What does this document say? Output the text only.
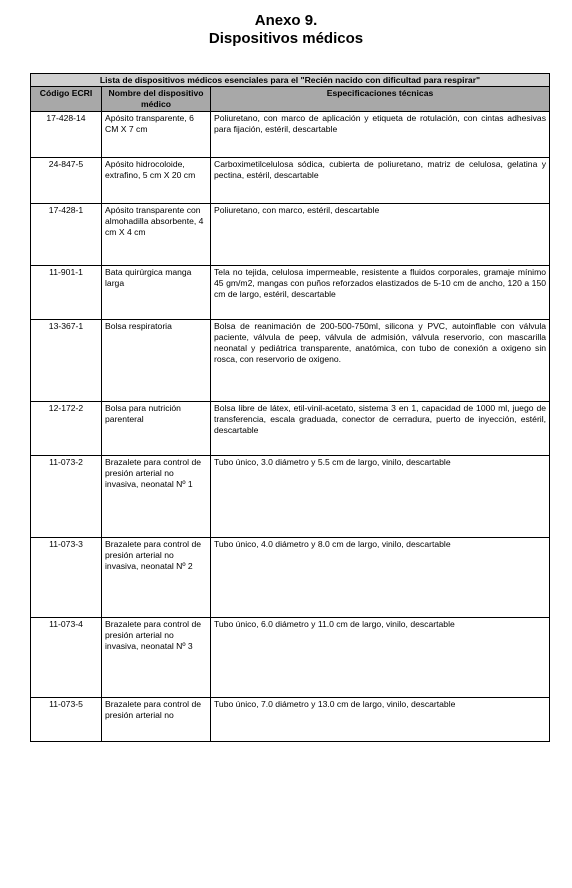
Anexo 9.
Dispositivos médicos
Lista de dispositivos médicos esenciales para el "Recién nacido con dificultad para respirar"		
Código ECRI	Nombre del dispositivo médico	Especificaciones técnicas
17-428-14	Apósito transparente, 6 CM X 7 cm	Poliuretano, con marco de aplicación y etiqueta de rotulación, con cintas adhesivas para fijación, estéril, descartable
24-847-5	Apósito hidrocoloide, extrafino, 5 cm X 20 cm	Carboximetilcelulosa sódica, cubierta de poliuretano, matriz de celulosa, gelatina y pectina, estéril, descartable
17-428-1	Apósito transparente con almohadilla absorbente, 4 cm X 4 cm	Poliuretano, con marco, estéril, descartable
11-901-1	Bata quirúrgica manga larga	Tela no tejida, celulosa impermeable, resistente a fluidos corporales, gramaje mínimo 45 gm/m2, mangas con puños reforzados elastizados de 5-10 cm de ancho, 120 a 150 cm de largo, estéril, descartable
13-367-1	Bolsa respiratoria	Bolsa de reanimación de 200-500-750ml, silicona y PVC, autoinflable con válvula paciente, válvula de peep, válvula de admisión, válvula reservorio, con mascarilla neonatal y pediátrica transparente, anatómica, con tubo de conexión a oxigeno sin rosca, con reservorio de oxigeno.
12-172-2	Bolsa para nutrición parenteral	Bolsa libre de látex, etil-vinil-acetato, sistema 3 en 1, capacidad de 1000 ml, juego de transferencia, escala graduada, conector de cerradura, puerto de inyección, estéril, descartable
11-073-2	Brazalete para control de presión arterial no invasiva, neonatal Nº 1	Tubo único, 3.0 diámetro y 5.5 cm de largo, vinilo, descartable
11-073-3	Brazalete para control de presión arterial no invasiva, neonatal Nº 2	Tubo único, 4.0 diámetro y 8.0 cm de largo, vinilo, descartable
11-073-4	Brazalete para control de presión arterial no invasiva, neonatal Nº 3	Tubo único, 6.0 diámetro y 11.0 cm de largo, vinilo, descartable
11-073-5	Brazalete para control de presión arterial no	Tubo único, 7.0 diámetro y 13.0 cm de largo, vinilo, descartable
